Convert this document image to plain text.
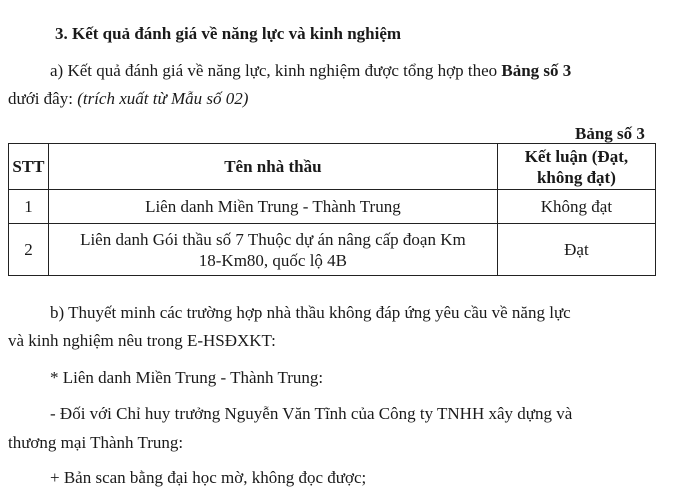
3. Kết quả đánh giá về năng lực và kinh nghiệm
a) Kết quả đánh giá về năng lực, kinh nghiệm được tổng hợp theo Bảng số 3
dưới đây: (trích xuất từ Mẫu số 02)
Bảng số 3
STT	Tên nhà thầu	Kết luận (Đạt,
không đạt)

1	Liên danh Miền Trung - Thành Trung	Không đạt
2	Liên danh Gói thầu số 7 Thuộc dự án nâng cấp đoạn Km
18-Km80, quốc lộ 4B	Đạt
b) Thuyết minh các trường hợp nhà thầu không đáp ứng yêu cầu về năng lực
và kinh nghiệm nêu trong E-HSĐXKT:
* Liên danh Miền Trung - Thành Trung:
- Đối với Chỉ huy trưởng Nguyễn Văn Tĩnh của Công ty TNHH xây dựng và
thương mại Thành Trung:
+ Bản scan bằng đại học mờ, không đọc được;
